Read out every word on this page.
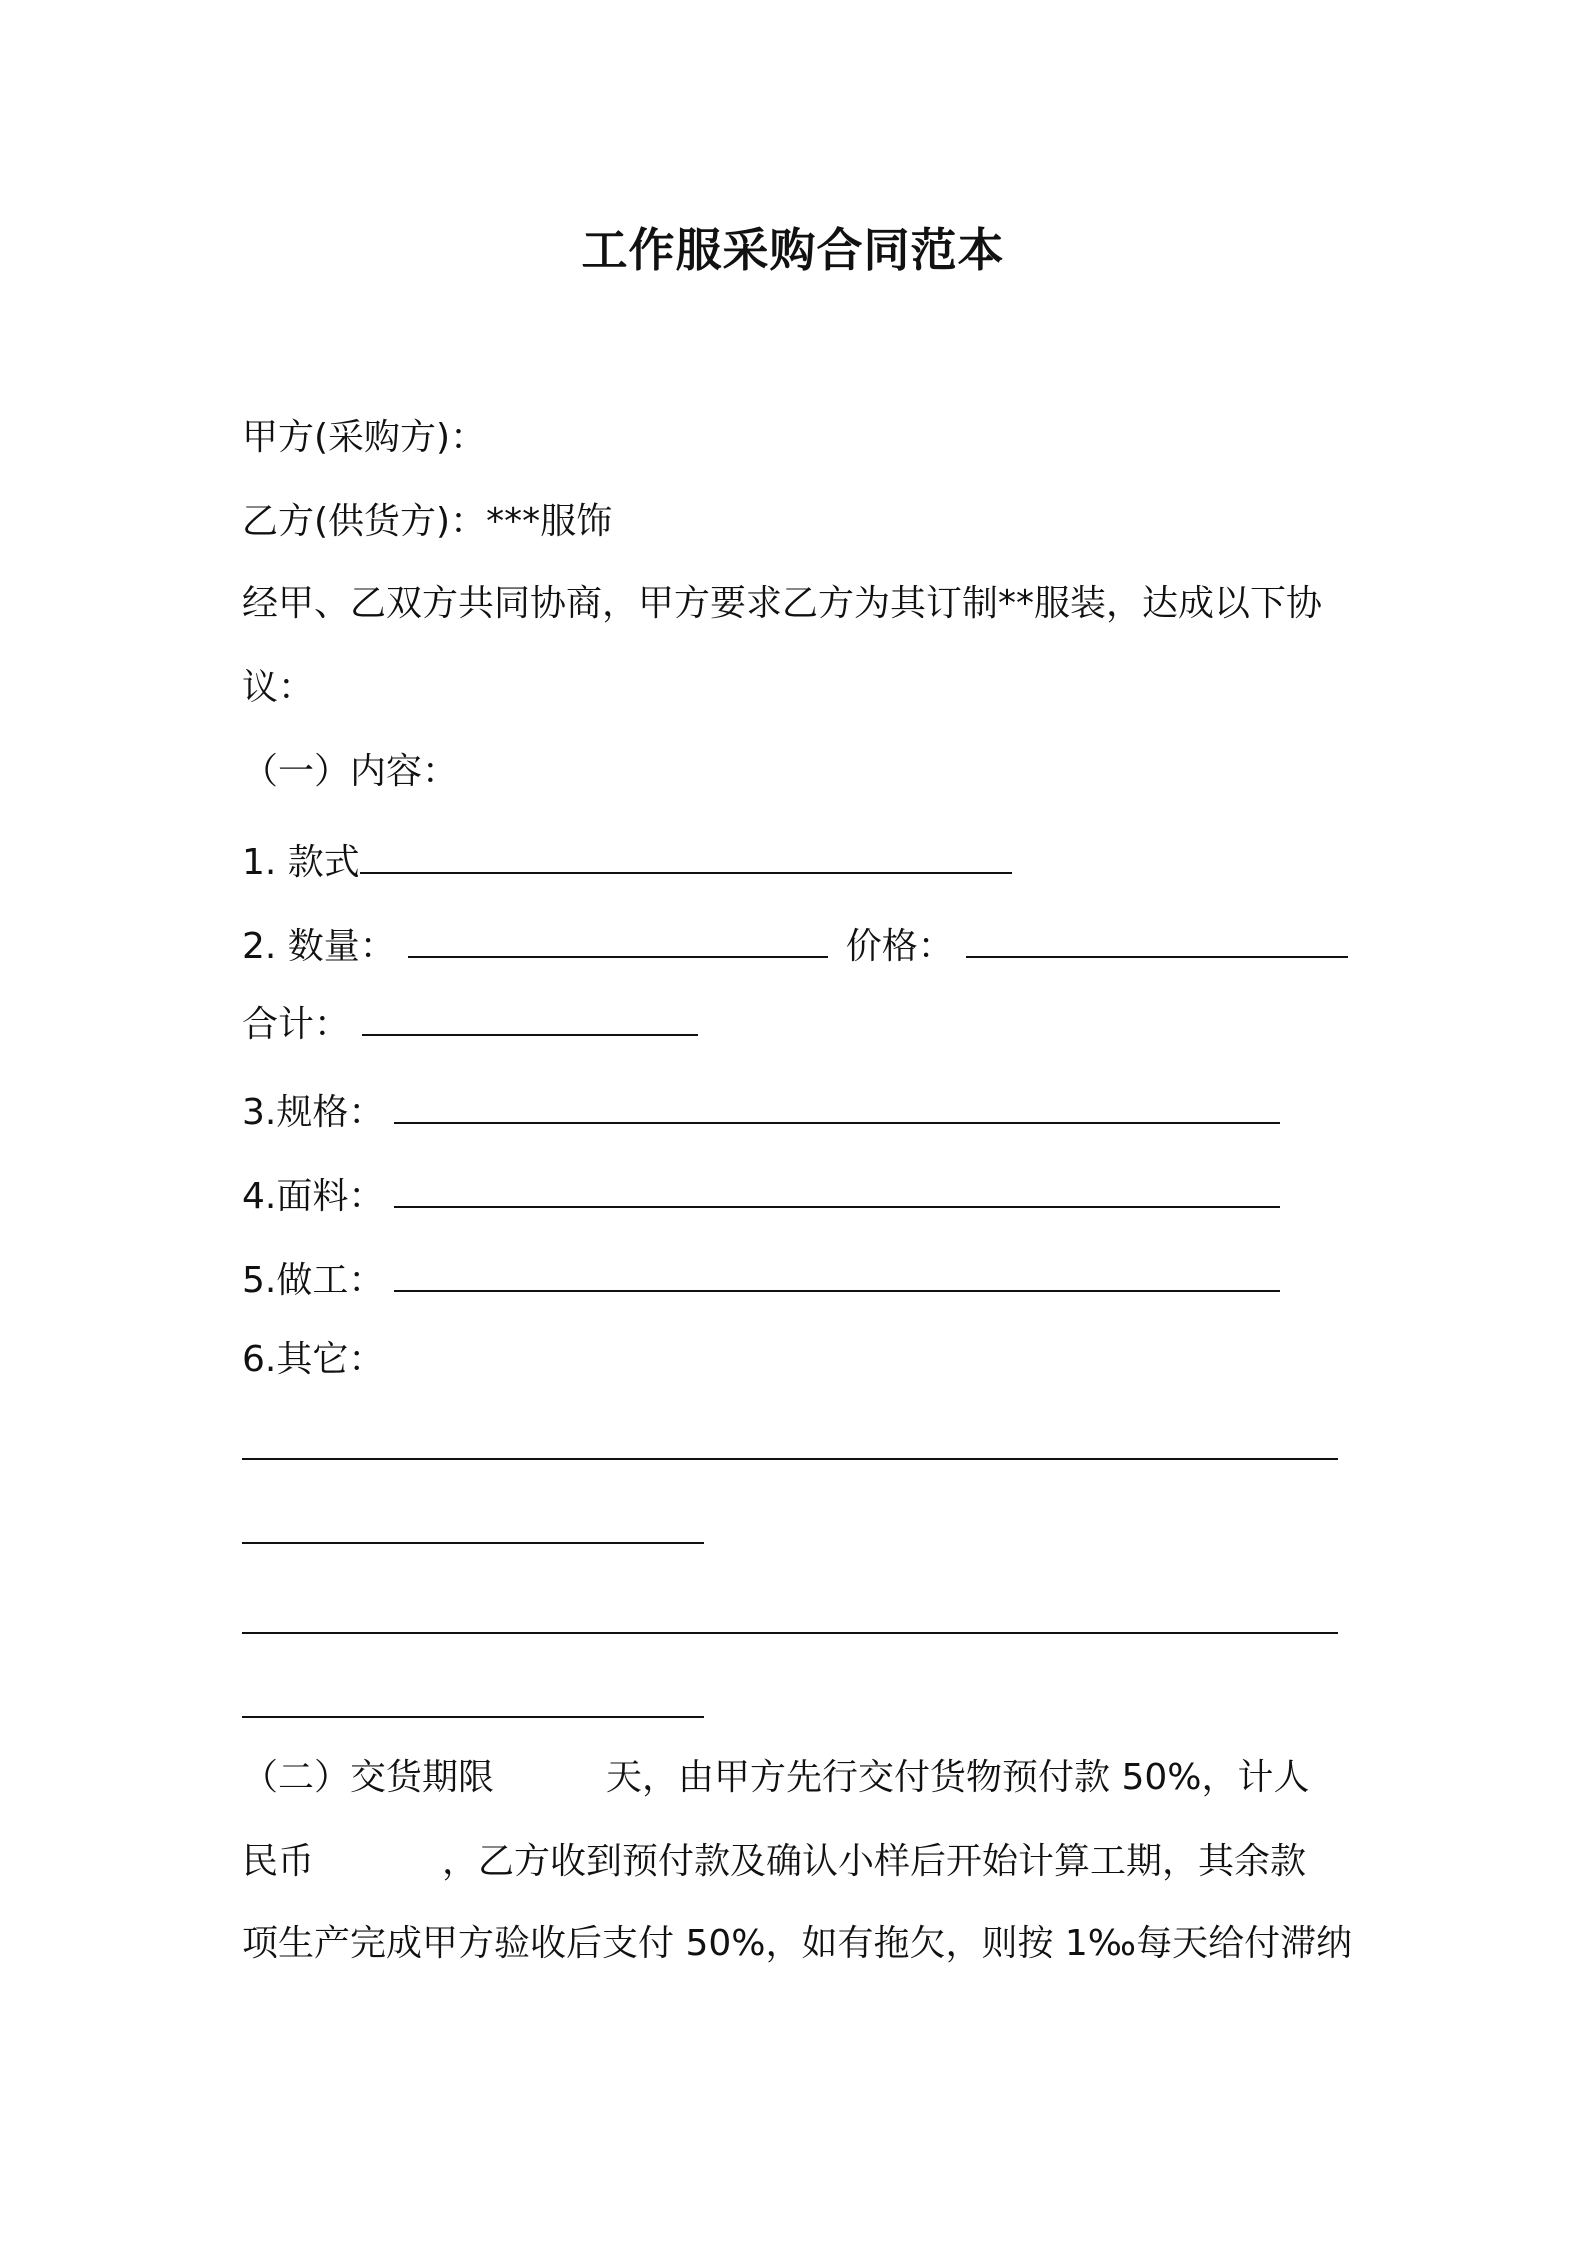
工作服采购合同范本
甲方(采购方)：
乙方(供货方)：***服饰
经甲、乙双方共同协商，甲方要求乙方为其订制**服装，达成以下协
议：
（一）内容：
1. 款式
2. 数量：	价格：
合计：
3.规格：
4.面料：
5.做工：
6.其它：
（二）交货期限	天，由甲方先行交付货物预付款 50%，计人
民币	，乙方收到预付款及确认小样后开始计算工期，其余款
项生产完成甲方验收后支付 50%，如有拖欠，则按 1‰每天给付滞纳
